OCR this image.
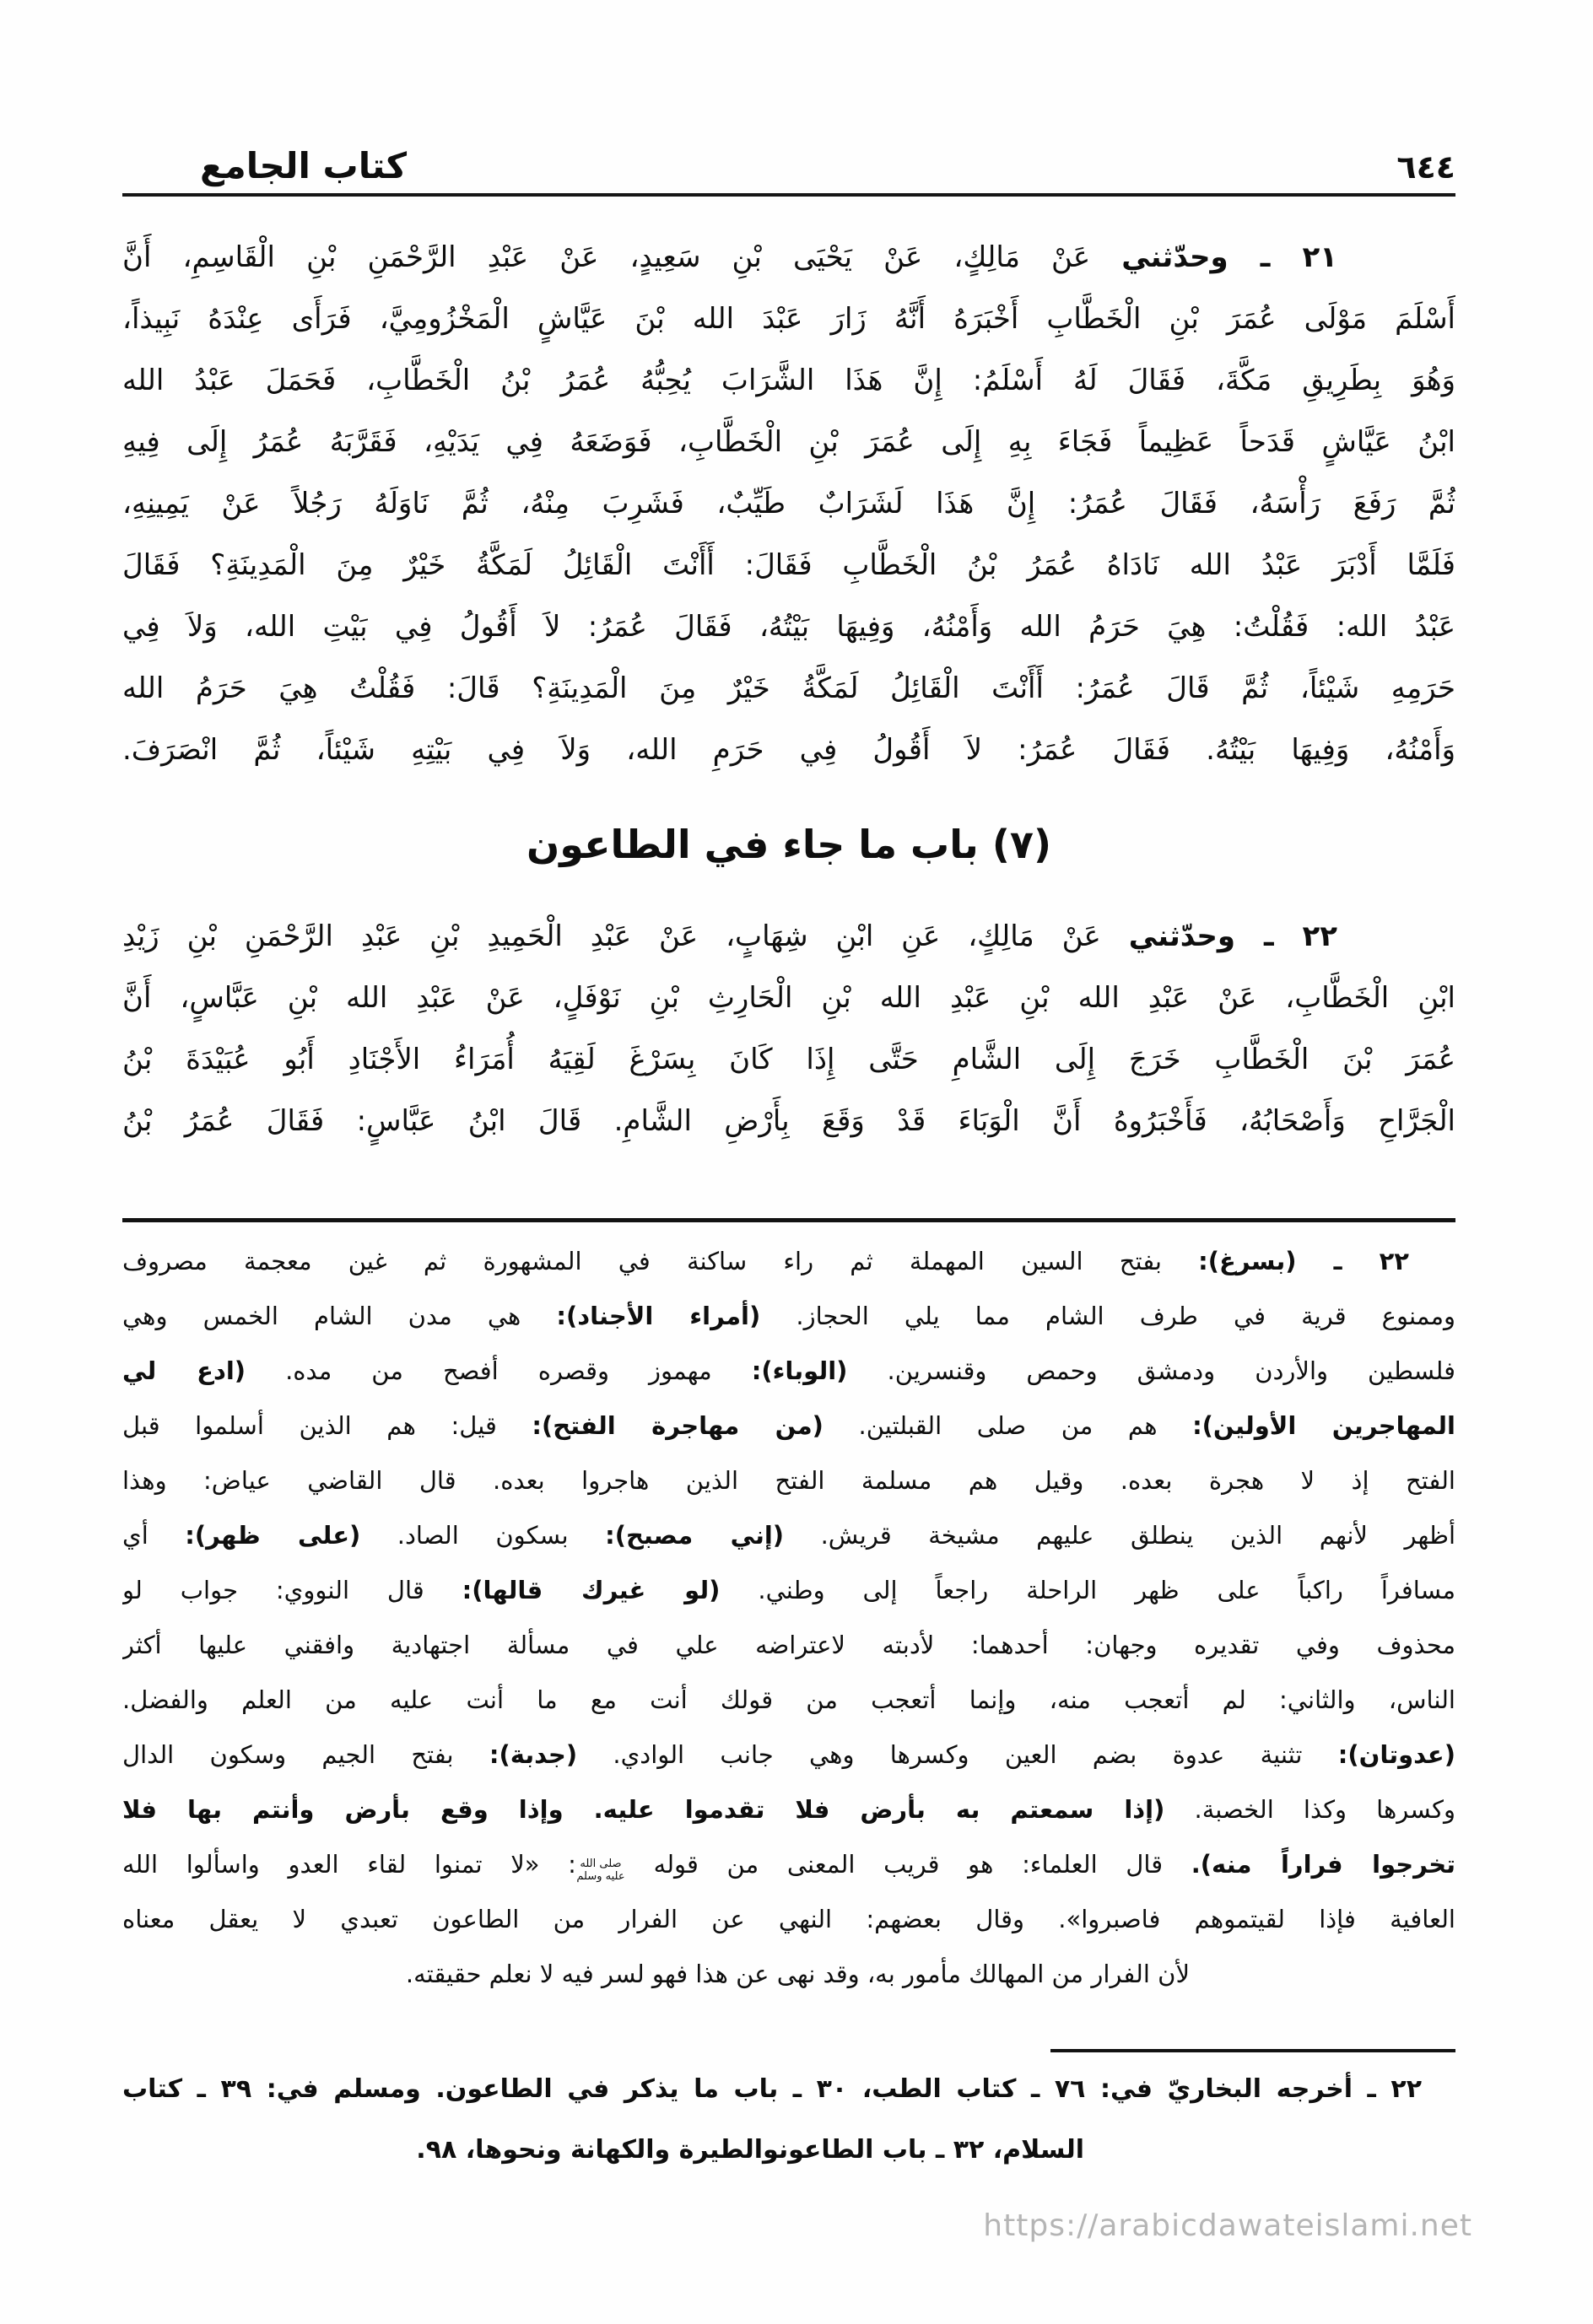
كتاب الجامع	٦٤٤
٢١ ـ وحدّثني عَنْ مَالِكٍ، عَنْ يَحْيَى بْنِ سَعِيدٍ، عَنْ عَبْدِ الرَّحْمَنِ بْنِ الْقَاسِمِ، أَنَّ
أَسْلَمَ مَوْلَى عُمَرَ بْنِ الْخَطَّابِ أَخْبَرَهُ أَنَّهُ زَارَ عَبْدَ الله بْنَ عَيَّاشٍ الْمَخْزُومِيَّ، فَرَأَى عِنْدَهُ نَبِيذاً،
وَهُوَ بِطَرِيقِ مَكَّةَ، فَقَالَ لَهُ أَسْلَمُ: إِنَّ هَذَا الشَّرَابَ يُحِبُّهُ عُمَرُ بْنُ الْخَطَّابِ، فَحَمَلَ عَبْدُ الله
ابْنُ عَيَّاشٍ قَدَحاً عَظِيماً فَجَاءَ بِهِ إِلَى عُمَرَ بْنِ الْخَطَّابِ، فَوَضَعَهُ فِي يَدَيْهِ، فَقَرَّبَهُ عُمَرُ إِلَى فِيهِ
ثُمَّ رَفَعَ رَأْسَهُ، فَقَالَ عُمَرُ: إِنَّ هَذَا لَشَرَابٌ طَيِّبٌ، فَشَرِبَ مِنْهُ، ثُمَّ نَاوَلَهُ رَجُلاً عَنْ يَمِينِهِ،
فَلَمَّا أَدْبَرَ عَبْدُ الله نَادَاهُ عُمَرُ بْنُ الْخَطَّابِ فَقَالَ: أَأَنْتَ الْقَائِلُ لَمَكَّةُ خَيْرٌ مِنَ الْمَدِينَةِ؟ فَقَالَ
عَبْدُ الله: فَقُلْتُ: هِيَ حَرَمُ الله وَأَمْنُهُ، وَفِيهَا بَيْتُهُ، فَقَالَ عُمَرُ: لاَ أَقُولُ فِي بَيْتِ الله، وَلاَ فِي
حَرَمِهِ شَيْئاً، ثُمَّ قَالَ عُمَرُ: أَأَنْتَ الْقَائِلُ لَمَكَّةُ خَيْرٌ مِنَ الْمَدِينَةِ؟ قَالَ: فَقُلْتُ هِيَ حَرَمُ الله
وَأَمْنُهُ، وَفِيهَا بَيْتُهُ. فَقَالَ عُمَرُ: لاَ أَقُولُ فِي حَرَمِ الله، وَلاَ فِي بَيْتِهِ شَيْئاً، ثُمَّ انْصَرَفَ.
(٧) باب ما جاء في الطاعون
٢٢ ـ وحدّثني عَنْ مَالِكٍ، عَنِ ابْنِ شِهَابٍ، عَنْ عَبْدِ الْحَمِيدِ بْنِ عَبْدِ الرَّحْمَنِ بْنِ زَيْدِ
ابْنِ الْخَطَّابِ، عَنْ عَبْدِ الله بْنِ عَبْدِ الله بْنِ الْحَارِثِ بْنِ نَوْفَلٍ، عَنْ عَبْدِ الله بْنِ عَبَّاسٍ، أَنَّ
عُمَرَ بْنَ الْخَطَّابِ خَرَجَ إِلَى الشَّامِ حَتَّى إِذَا كَانَ بِسَرْغَ لَقِيَهُ أُمَرَاءُ الأَجْنَادِ أَبُو عُبَيْدَةَ بْنُ
الْجَرَّاحِ وَأَصْحَابُهُ، فَأَخْبَرُوهُ أَنَّ الْوَبَاءَ قَدْ وَقَعَ بِأَرْضِ الشَّامِ. قَالَ ابْنُ عَبَّاسٍ: فَقَالَ عُمَرُ بْنُ
٢٢ ـ (بسرغ): بفتح السين المهملة ثم راء ساكنة في المشهورة ثم غين معجمة مصروف
وممنوع قرية في طرف الشام مما يلي الحجاز. (أمراء الأجناد): هي مدن الشام الخمس وهي
فلسطين والأردن ودمشق وحمص وقنسرين. (الوباء): مهموز وقصره أفصح من مده. (ادع لي
المهاجرين الأولين): هم من صلى القبلتين. (من مهاجرة الفتح): قيل: هم الذين أسلموا قبل
الفتح إذ لا هجرة بعده. وقيل هم مسلمة الفتح الذين هاجروا بعده. قال القاضي عياض: وهذا
أظهر لأنهم الذين ينطلق عليهم مشيخة قريش. (إني مصبح): بسكون الصاد. (على ظهر): أي
مسافراً راكباً على ظهر الراحلة راجعاً إلى وطني. (لو غيرك قالها): قال النووي: جواب لو
محذوف وفي تقديره وجهان: أحدهما: لأدبته لاعتراضه علي في مسألة اجتهادية وافقني عليها أكثر
الناس، والثاني: لم أتعجب منه، وإنما أتعجب من قولك أنت مع ما أنت عليه من العلم والفضل.
(عدوتان): تثنية عدوة بضم العين وكسرها وهي جانب الوادي. (جدبة): بفتح الجيم وسكون الدال
وكسرها وكذا الخصبة. (إذا سمعتم به بأرض فلا تقدموا عليه. وإذا وقع بأرض وأنتم بها فلا
تخرجوا فراراً منه). قال العلماء: هو قريب المعنى من قوله صلى الله عليه وسلم: «لا تمنوا لقاء العدو واسألوا الله
العافية فإذا لقيتموهم فاصبروا». وقال بعضهم: النهي عن الفرار من الطاعون تعبدي لا يعقل معناه
لأن الفرار من المهالك مأمور به، وقد نهى عن هذا فهو لسر فيه لا نعلم حقيقته.
٢٢ ـ أخرجه البخاريّ في: ٧٦ ـ كتاب الطب، ٣٠ ـ باب ما يذكر في الطاعون. ومسلم في: ٣٩ ـ كتاب
السلام، ٣٢ ـ باب الطاعونوالطيرة والكهانة ونحوها، ٩٨.
https://arabicdawateislami.net
